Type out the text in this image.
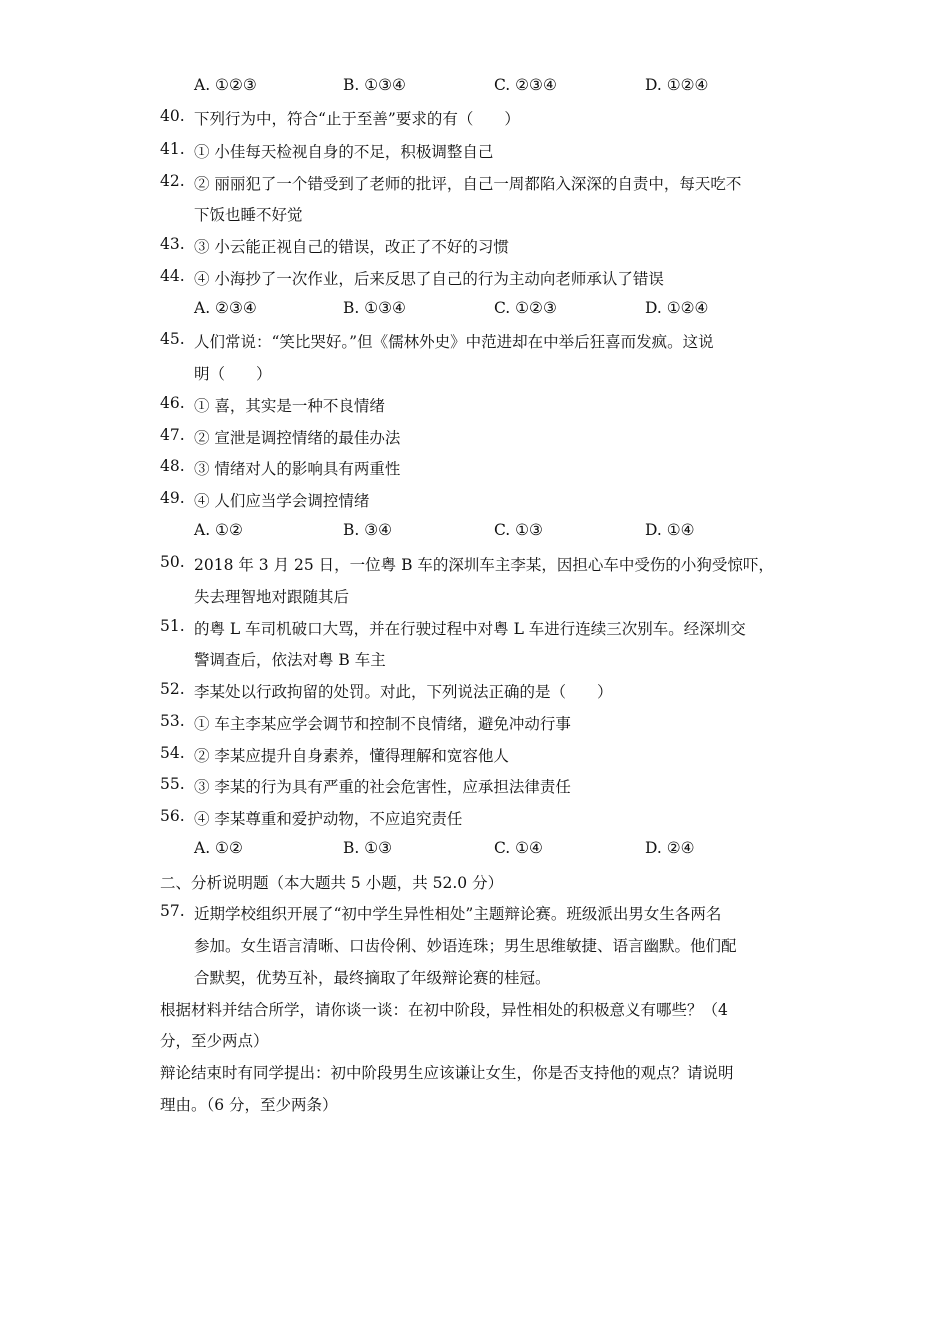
A. ①②③	B. ①③④	C. ②③④	D. ①②④
40. 下列行为中，符合“止于至善”要求的有（　　）
41. ① 小佳每天检视自身的不足，积极调整自己
42. ② 丽丽犯了一个错受到了老师的批评，自己一周都陷入深深的自责中，每天吃不
下饭也睡不好觉
43. ③ 小云能正视自己的错误，改正了不好的习惯
44. ④ 小海抄了一次作业，后来反思了自己的行为主动向老师承认了错误
A. ②③④	B. ①③④	C. ①②③	D. ①②④
45. 人们常说：“笑比哭好。”但《儒林外史》中范进却在中举后狂喜而发疯。这说
明（　　）
46. ① 喜，其实是一种不良情绪
47. ② 宣泄是调控情绪的最佳办法
48. ③ 情绪对人的影响具有两重性
49. ④ 人们应当学会调控情绪
A. ①②	B. ③④	C. ①③	D. ①④
50. 2018 年 3 月 25 日，一位粤 B 车的深圳车主李某，因担心车中受伤的小狗受惊吓，
失去理智地对跟随其后
51. 的粤 L 车司机破口大骂，并在行驶过程中对粤 L 车进行连续三次别车。经深圳交
警调查后，依法对粤 B 车主
52. 李某处以行政拘留的处罚。对此，下列说法正确的是（　　）
53. ① 车主李某应学会调节和控制不良情绪，避免冲动行事
54. ② 李某应提升自身素养，懂得理解和宽容他人
55. ③ 李某的行为具有严重的社会危害性，应承担法律责任
56. ④ 李某尊重和爱护动物，不应追究责任
A. ①②	B. ①③	C. ①④	D. ②④
二、分析说明题（本大题共 5 小题，共 52.0 分）
57. 近期学校组织开展了“初中学生异性相处”主题辩论赛。班级派出男女生各两名
参加。女生语言清晰、口齿伶俐、妙语连珠；男生思维敏捷、语言幽默。他们配
合默契，优势互补，最终摘取了年级辩论赛的桂冠。
根据材料并结合所学，请你谈一谈：在初中阶段，异性相处的积极意义有哪些？（4
分，至少两点）
辩论结束时有同学提出：初中阶段男生应该谦让女生，你是否支持他的观点？请说明
理由。（6 分，至少两条）
